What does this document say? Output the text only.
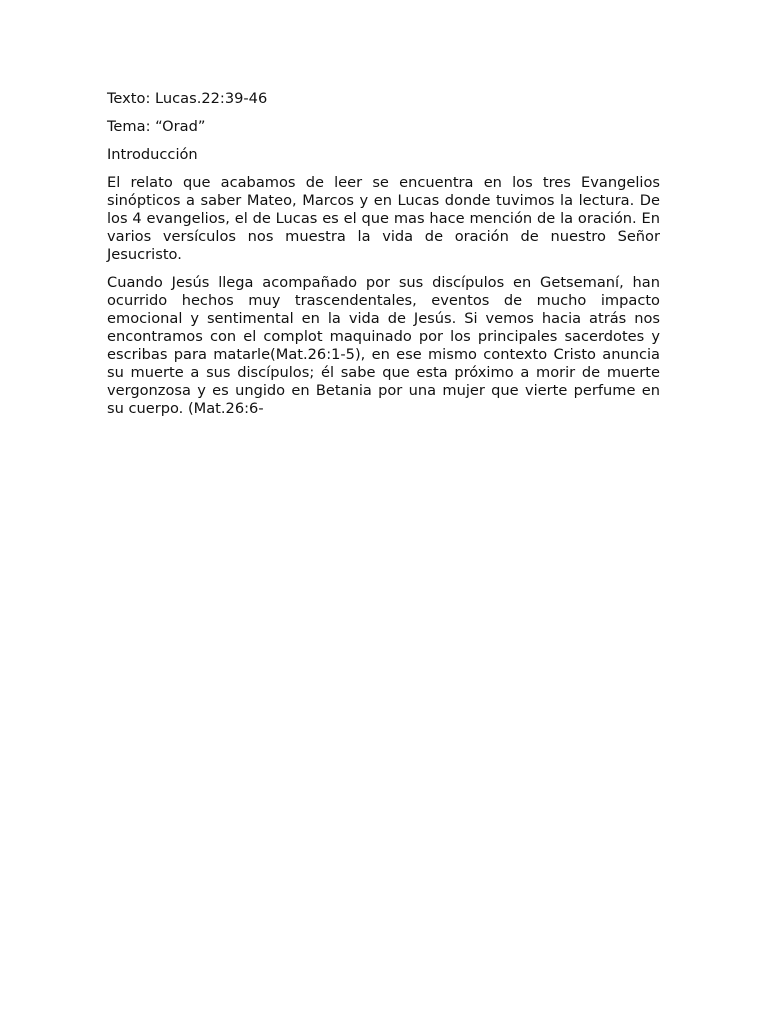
Texto: Lucas.22:39-46
Tema: “Orad”
Introducción

El relato que acabamos de leer se encuentra en los tres Evangelios sinópticos a saber Mateo, Marcos y en Lucas donde tuvimos la lectura. De los 4 evangelios, el de Lucas es el que mas hace mención de la oración. En varios versículos nos muestra la vida de oración de nuestro Señor Jesucristo.

Cuando Jesús llega acompañado por sus discípulos en Getsemaní, han ocurrido hechos muy trascendentales, eventos de mucho impacto emocional y sentimental en la vida de Jesús. Si vemos hacia atrás nos encontramos con el complot maquinado por los principales sacerdotes y escribas para matarle(Mat.26:1-5), en ese mismo contexto Cristo anuncia su muerte a sus discípulos; él sabe que esta próximo a morir de muerte vergonzosa y es ungido en Betania por una mujer que vierte perfume en su cuerpo. (Mat.26:6-
